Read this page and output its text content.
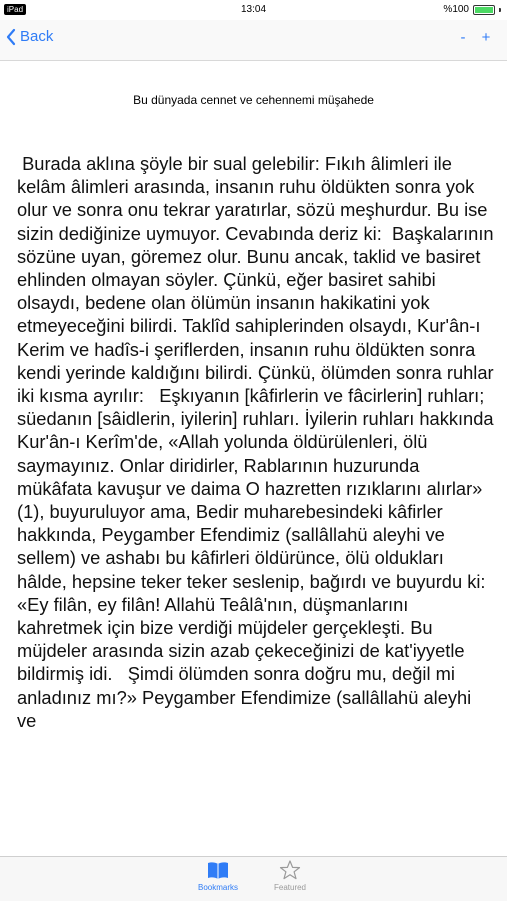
iPad	13:04	%100
Back	-	+
Bu dünyada cennet ve cehennemi müşahede

Burada aklına şöyle bir sual gelebilir: Fıkıh âlimleri ile kelâm âlimleri arasında, insanın ruhu öldükten sonra yok olur ve sonra onu tekrar yaratırlar, sözü meşhurdur. Bu ise sizin dediğinize uymuyor. Cevabında deriz ki:  Başkalarının sözüne uyan, göremez olur. Bunu ancak, taklid ve basiret ehlinden olmayan söyler. Çünkü, eğer basiret sahibi olsaydı, bedene olan ölümün insanın hakikatini yok etmeyeceğini bilirdi. Taklîd sahiplerinden olsaydı, Kur'ân-ı Kerim ve hadîs-i şeriflerden, insanın ruhu öldükten sonra kendi yerinde kaldığını bilirdi. Çünkü, ölümden sonra ruhlar iki kısma ayrılır:   Eşkıyanın [kâfirlerin ve fâcirlerin] ruhları; süedanın [sâidlerin, iyilerin] ruhları. İyilerin ruhları hakkında Kur'ân-ı Kerîm'de, «Allah yolunda öldürülenleri, ölü saymayınız. Onlar diridirler, Rablarının huzurunda mükâfata kavuşur ve daima O hazretten rızıklarını alırlar» (1), buyuruluyor ama, Bedir muharebesindeki kâfirler hakkında, Peygamber Efendimiz (sallâllahü aleyhi ve sellem) ve ashabı bu kâfirleri öldürünce, ölü oldukları hâlde, hepsine teker teker seslenip, bağırdı ve buyurdu ki: «Ey filân, ey filân! Allahü Teâlâ'nın, düşmanlarını kahretmek için bize verdiği müjdeler gerçekleşti. Bu müjdeler arasında sizin azab çekeceğinizi de kat'iyyetle bildirmiş idi.   Şimdi ölümden sonra doğru mu, değil mi anladınız mı?» Peygamber Efendimize (sallâllahü aleyhi ve

Bookmarks	Featured
